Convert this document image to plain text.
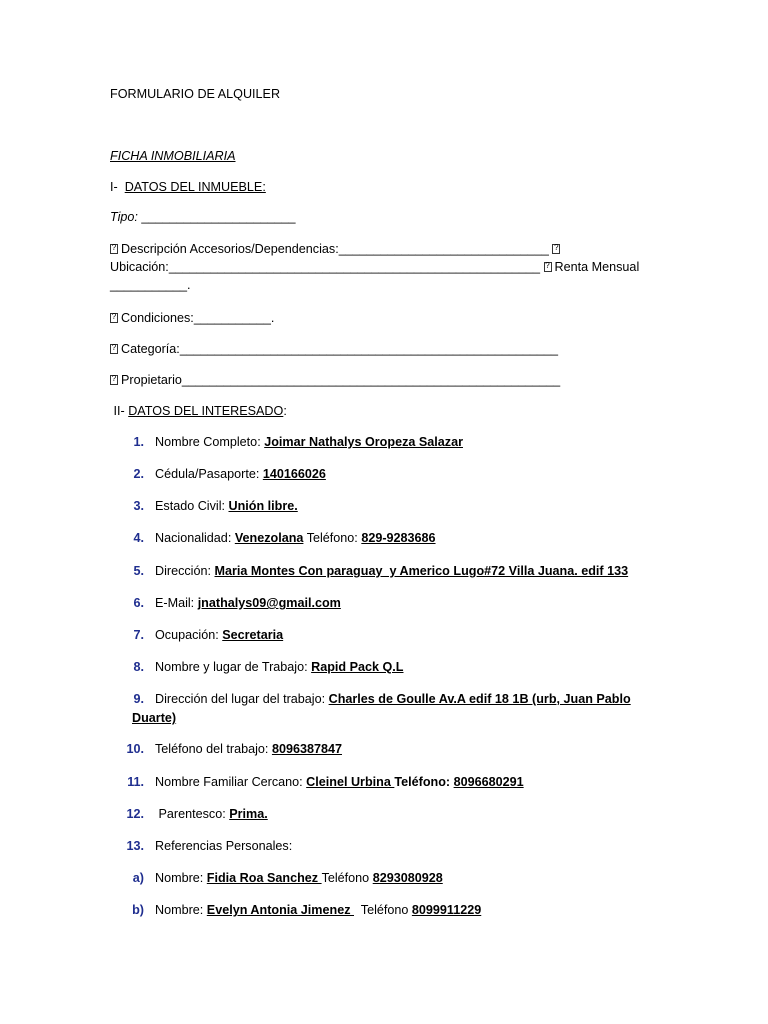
FORMULARIO DE ALQUILER
FICHA INMOBILIARIA
I-  DATOS DEL INMUEBLE:
Tipo: ______________________
?Descripción Accesorios/Dependencias:______________________________  ?
Ubicación:_____________________________________________________  ?Renta Mensual
___________.
?Condiciones:___________.
?Categoría:______________________________________________________
?Propietario______________________________________________________
II- DATOS DEL INTERESADO:
1. Nombre Completo: Joimar Nathalys Oropeza Salazar
2. Cédula/Pasaporte: 140166026
3. Estado Civil: Unión libre.
4. Nacionalidad: Venezolana Teléfono: 829-9283686
5. Dirección: Maria Montes Con paraguay  y Americo Lugo#72 Villa Juana. edif 133
6. E-Mail: jnathalys09@gmail.com
7. Ocupación: Secretaria
8. Nombre y lugar de Trabajo: Rapid Pack Q.L
9. Dirección del lugar del trabajo: Charles de Goulle Av.A edif 18 1B (urb, Juan Pablo
Duarte)
10. Teléfono del trabajo: 8096387847
11. Nombre Familiar Cercano: Cleinel Urbina Teléfono: 8096680291
12. Parentesco: Prima.
13. Referencias Personales:
a) Nombre: Fidia Roa Sanchez Teléfono 8293080928
b) Nombre: Evelyn Antonia Jimenez   Teléfono 8099911229
